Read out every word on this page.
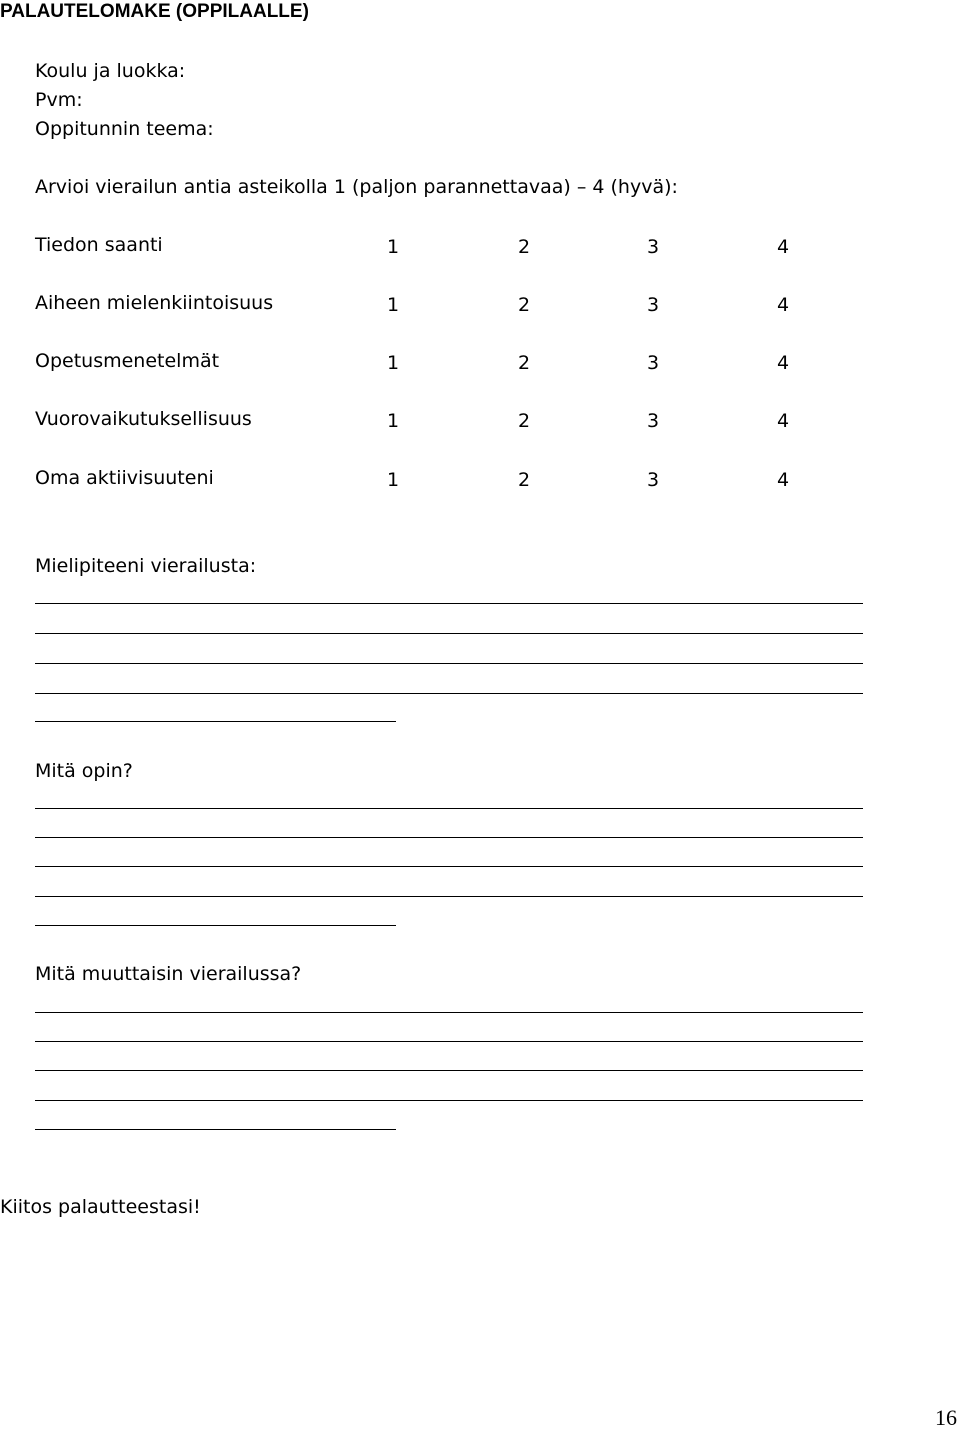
PALAUTELOMAKE (OPPILAALLE)
Koulu ja luokka:
Pvm:
Oppitunnin teema:
Arvioi vierailun antia asteikolla 1 (paljon parannettavaa) – 4 (hyvä):
Tiedon saanti	1	2	3	4
Aiheen mielenkiintoisuus	1	2	3	4
Opetusmenetelmät	1	2	3	4
Vuorovaikutuksellisuus	1	2	3	4
Oma aktiivisuuteni	1	2	3	4
Mielipiteeni vierailusta:
Mitä opin?
Mitä muuttaisin vierailussa?
Kiitos palautteestasi!
16
